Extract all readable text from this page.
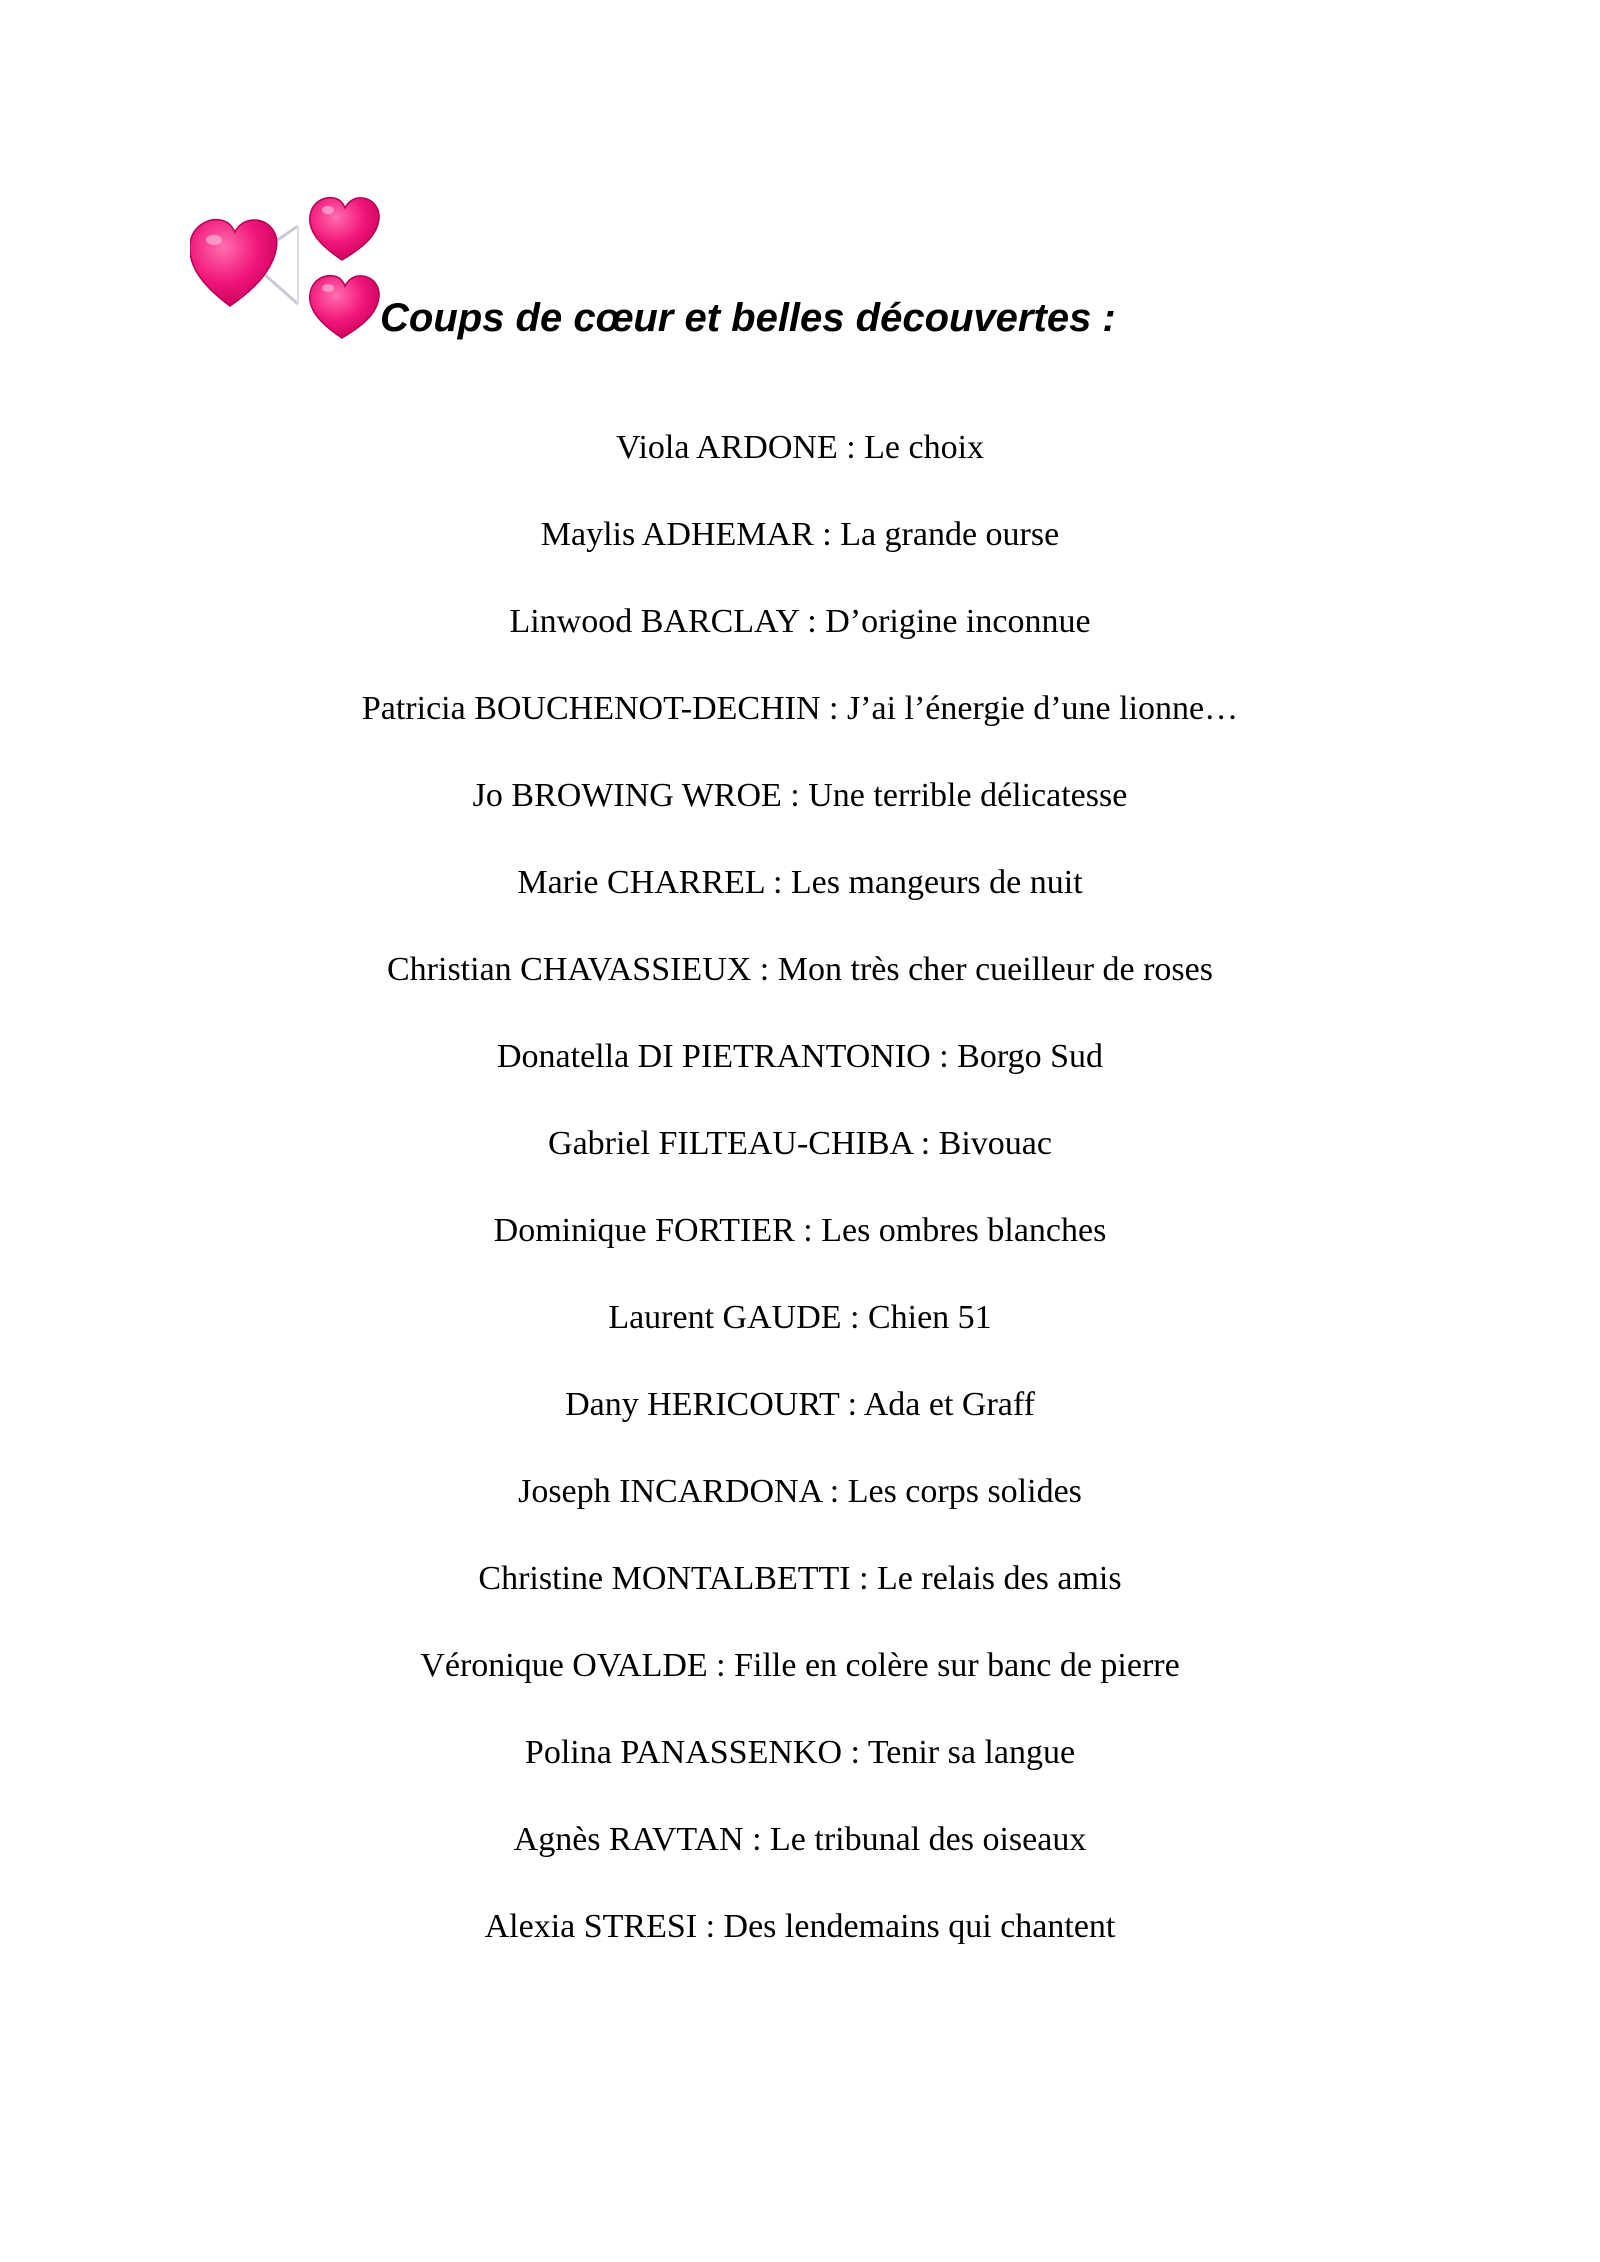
Coups de cœur et belles découvertes :
Viola ARDONE : Le choix
Maylis ADHEMAR : La grande ourse
Linwood BARCLAY : D’origine inconnue
Patricia BOUCHENOT-DECHIN : J’ai l’énergie d’une lionne…
Jo BROWING WROE : Une terrible délicatesse
Marie CHARREL : Les mangeurs de nuit
Christian CHAVASSIEUX : Mon très cher cueilleur de roses
Donatella DI PIETRANTONIO : Borgo Sud
Gabriel FILTEAU-CHIBA : Bivouac
Dominique FORTIER : Les ombres blanches
Laurent GAUDE : Chien 51
Dany HERICOURT : Ada et Graff
Joseph INCARDONA : Les corps solides
Christine MONTALBETTI : Le relais des amis
Véronique OVALDE : Fille en colère sur banc de pierre
Polina PANASSENKO : Tenir sa langue
Agnès RAVTAN : Le tribunal des oiseaux
Alexia STRESI : Des lendemains qui chantent
